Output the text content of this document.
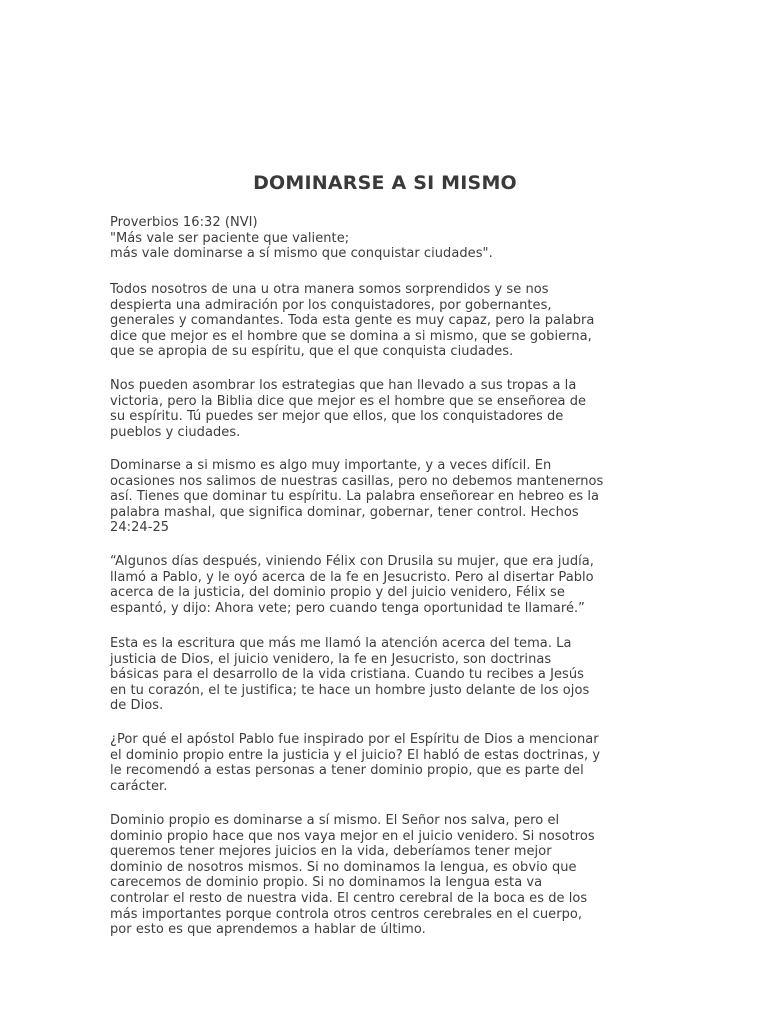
DOMINARSE A SI MISMO

Proverbios 16:32 (NVI)
"Más vale ser paciente que valiente;
más vale dominarse a sí mismo que conquistar ciudades".

Todos nosotros de una u otra manera somos sorprendidos y se nos
despierta una admiración por los conquistadores, por gobernantes,
generales y comandantes. Toda esta gente es muy capaz, pero la palabra
dice que mejor es el hombre que se domina a si mismo, que se gobierna,
que se apropia de su espíritu, que el que conquista ciudades.

Nos pueden asombrar los estrategias que han llevado a sus tropas a la
victoria, pero la Biblia dice que mejor es el hombre que se enseñorea de
su espíritu. Tú puedes ser mejor que ellos, que los conquistadores de
pueblos y ciudades.

Dominarse a si mismo es algo muy importante, y a veces difícil. En
ocasiones nos salimos de nuestras casillas, pero no debemos mantenernos
así. Tienes que dominar tu espíritu. La palabra enseñorear en hebreo es la
palabra mashal, que significa dominar, gobernar, tener control. Hechos
24:24-25

“Algunos días después, viniendo Félix con Drusila su mujer, que era judía,
llamó a Pablo, y le oyó acerca de la fe en Jesucristo. Pero al disertar Pablo
acerca de la justicia, del dominio propio y del juicio venidero, Félix se
espantó, y dijo: Ahora vete; pero cuando tenga oportunidad te llamaré.”

Esta es la escritura que más me llamó la atención acerca del tema. La
justicia de Dios, el juicio venidero, la fe en Jesucristo, son doctrinas
básicas para el desarrollo de la vida cristiana. Cuando tu recibes a Jesús
en tu corazón, el te justifica; te hace un hombre justo delante de los ojos
de Dios.

¿Por qué el apóstol Pablo fue inspirado por el Espíritu de Dios a mencionar
el dominio propio entre la justicia y el juicio? El habló de estas doctrinas, y
le recomendó a estas personas a tener dominio propio, que es parte del
carácter.

Dominio propio es dominarse a sí mismo. El Señor nos salva, pero el
dominio propio hace que nos vaya mejor en el juicio venidero. Si nosotros
queremos tener mejores juicios en la vida, deberíamos tener mejor
dominio de nosotros mismos. Si no dominamos la lengua, es obvio que
carecemos de dominio propio. Si no dominamos la lengua esta va
controlar el resto de nuestra vida. El centro cerebral de la boca es de los
más importantes porque controla otros centros cerebrales en el cuerpo,
por esto es que aprendemos a hablar de último.
